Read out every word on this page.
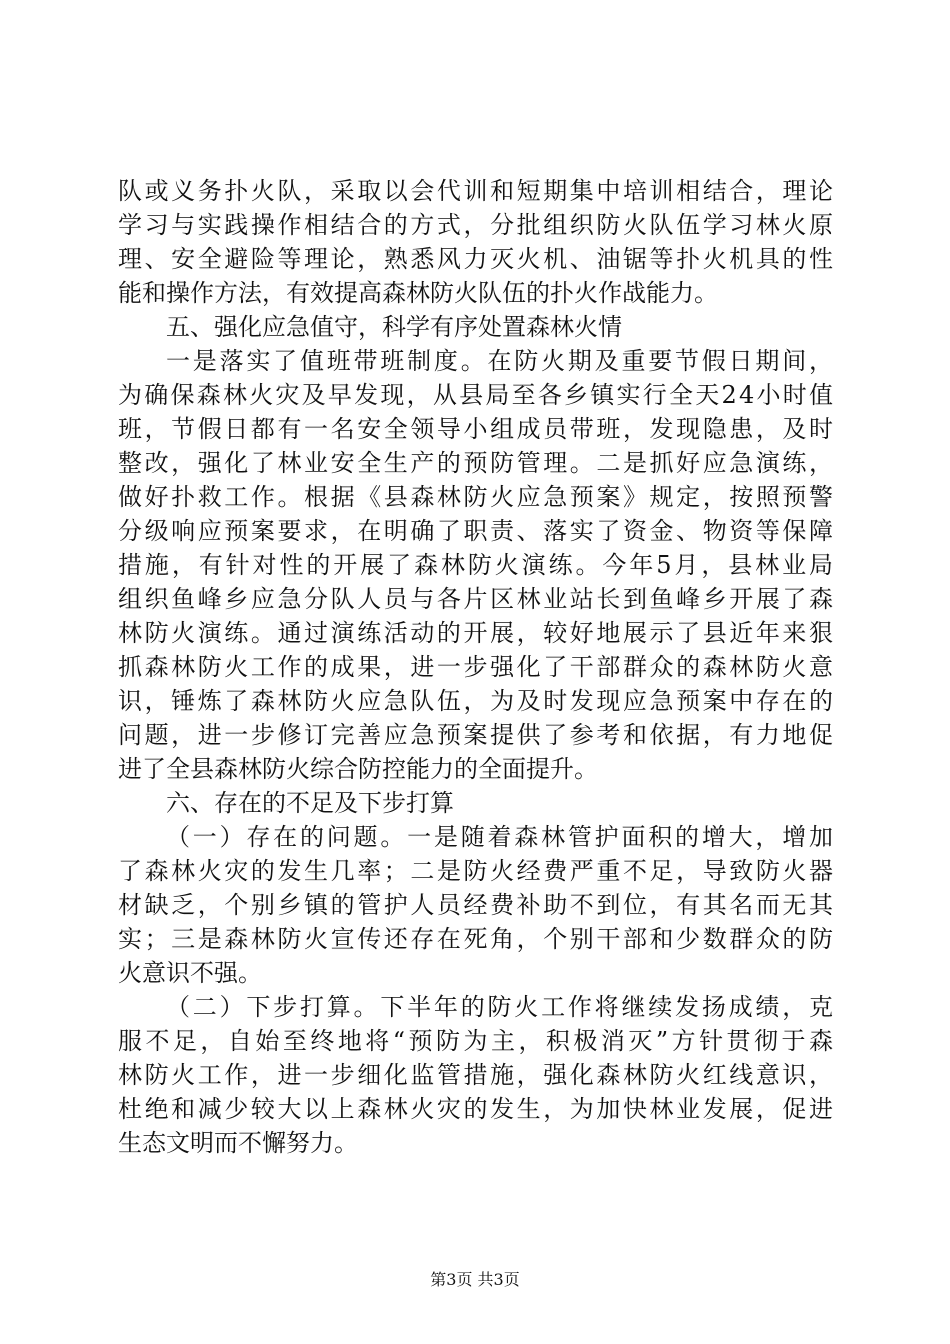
队或义务扑火队，采取以会代训和短期集中培训相结合，理论
学习与实践操作相结合的方式，分批组织防火队伍学习林火原
理、安全避险等理论，熟悉风力灭火机、油锯等扑火机具的性
能和操作方法，有效提高森林防火队伍的扑火作战能力。
五、强化应急值守，科学有序处置森林火情
一是落实了值班带班制度。在防火期及重要节假日期间，
为确保森林火灾及早发现，从县局至各乡镇实行全天24小时值
班，节假日都有一名安全领导小组成员带班，发现隐患，及时
整改，强化了林业安全生产的预防管理。二是抓好应急演练，
做好扑救工作。根据《县森林防火应急预案》规定，按照预警
分级响应预案要求，在明确了职责、落实了资金、物资等保障
措施，有针对性的开展了森林防火演练。今年5月，县林业局
组织鱼峰乡应急分队人员与各片区林业站长到鱼峰乡开展了森
林防火演练。通过演练活动的开展，较好地展示了县近年来狠
抓森林防火工作的成果，进一步强化了干部群众的森林防火意
识，锤炼了森林防火应急队伍，为及时发现应急预案中存在的
问题，进一步修订完善应急预案提供了参考和依据，有力地促
进了全县森林防火综合防控能力的全面提升。
六、存在的不足及下步打算
（一）存在的问题。一是随着森林管护面积的增大，增加
了森林火灾的发生几率；二是防火经费严重不足，导致防火器
材缺乏，个别乡镇的管护人员经费补助不到位，有其名而无其
实；三是森林防火宣传还存在死角，个别干部和少数群众的防
火意识不强。
（二）下步打算。下半年的防火工作将继续发扬成绩，克
服不足，自始至终地将“预防为主，积极消灭”方针贯彻于森
林防火工作，进一步细化监管措施，强化森林防火红线意识，
杜绝和减少较大以上森林火灾的发生，为加快林业发展，促进
生态文明而不懈努力。
第3页 共3页
